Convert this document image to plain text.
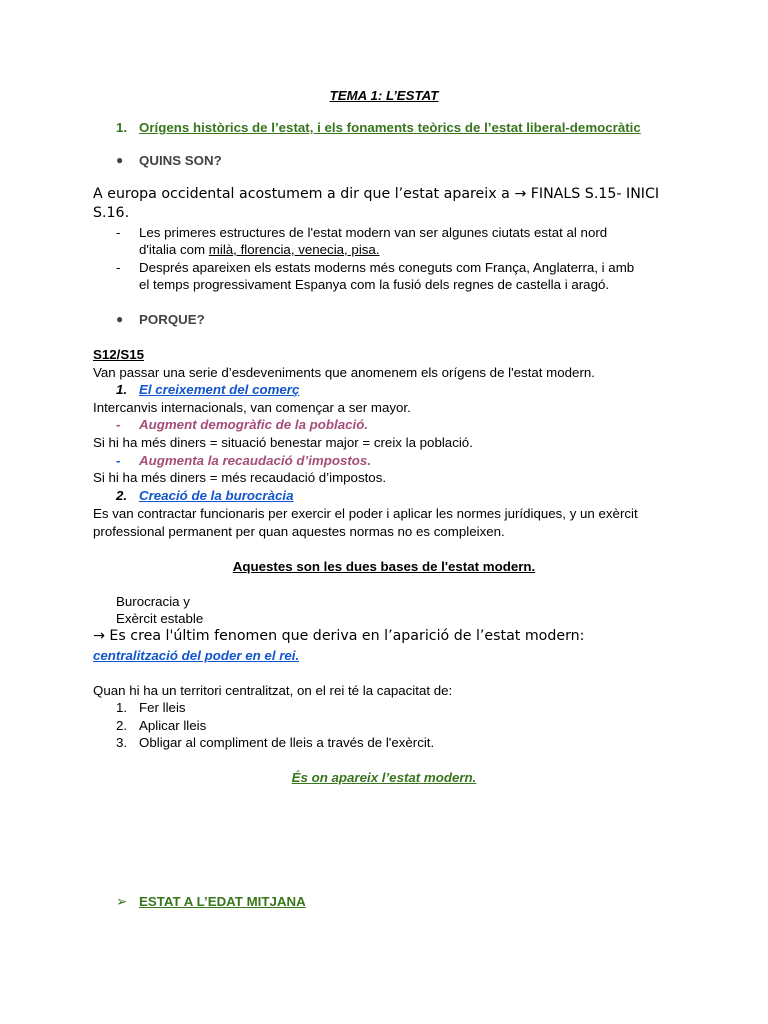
TEMA 1: L’ESTAT
1. Orígens històrics de l’estat, i els fonaments teòrics de l’estat liberal-democràtic
● QUINS SON?
A europa occidental acostumem a dir que l’estat apareix a → FINALS S.15- INICI
S.16.
- Les primeres estructures de l'estat modern van ser algunes ciutats estat al nord
d'italia com milà, florencia, venecia, pisa.
- Després apareixen els estats moderns més coneguts com França, Anglaterra, i amb
el temps progressivament Espanya com la fusió dels regnes de castella i aragó.
● PORQUE?
S12/S15
Van passar una serie d’esdeveniments que anomenem els orígens de l'estat modern.
1. El creixement del comerç
Intercanvis internacionals, van començar a ser mayor.
- Augment demogràfic de la població.
Si hi ha més diners = situació benestar major = creix la població.
- Augmenta la recaudació d’impostos.
Si hi ha més diners = més recaudació d’impostos.
2. Creació de la burocràcia
Es van contractar funcionaris per exercir el poder i aplicar les normes jurídiques, y un exèrcit
professional permanent per quan aquestes normas no es compleixen.
Aquestes son les dues bases de l'estat modern.
Burocracia y
Exèrcit estable
→ Es crea l'últim fenomen que deriva en l’aparició de l’estat modern:
centralització del poder en el rei.
Quan hi ha un territori centralitzat, on el rei té la capacitat de:
1. Fer lleis
2. Aplicar lleis
3. Obligar al compliment de lleis a través de l'exèrcit.
És on apareix l’estat modern.
➢ ESTAT A L’EDAT MITJANA
